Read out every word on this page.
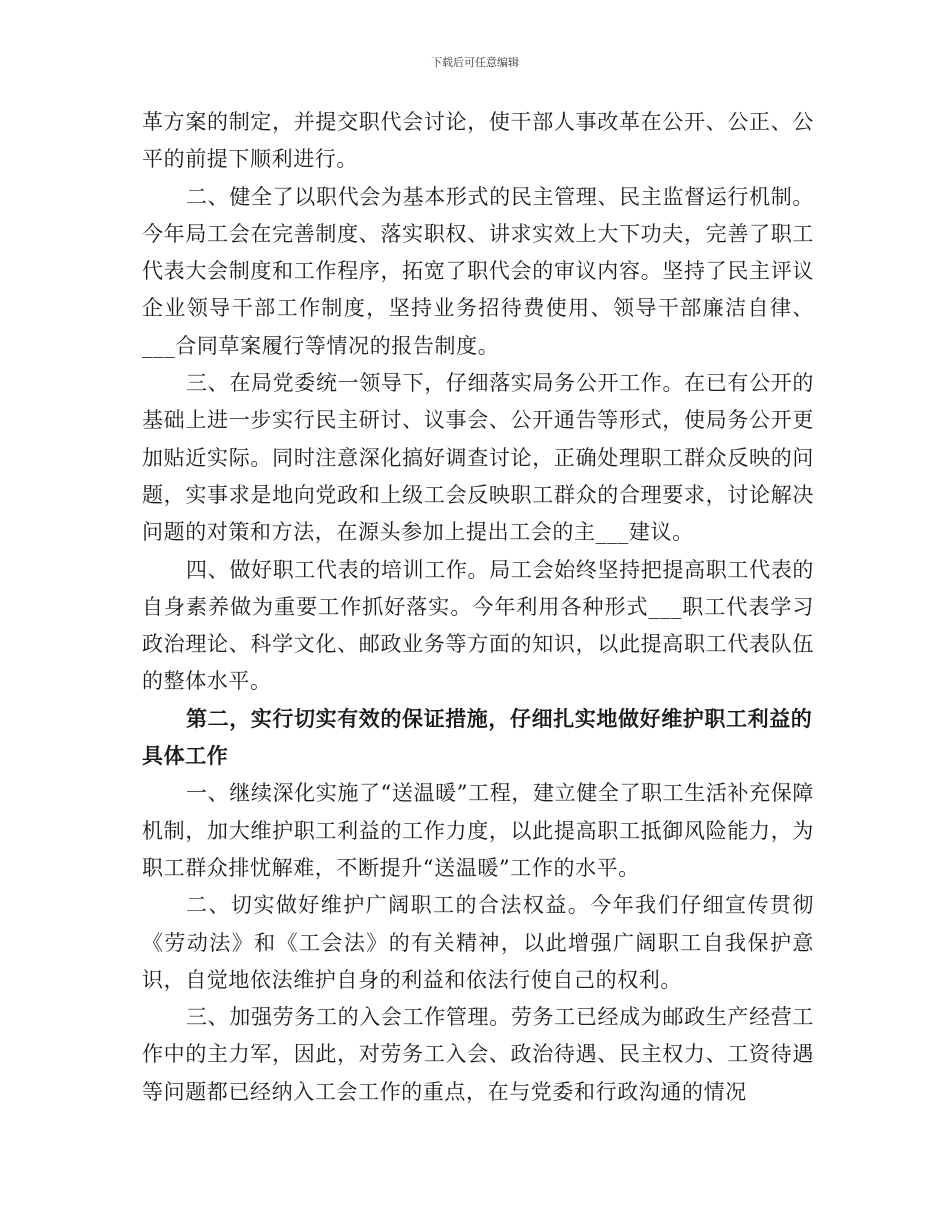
下载后可任意编辑

革方案的制定，并提交职代会讨论，使干部人事改革在公开、公正、公平的前提下顺利进行。

二、健全了以职代会为基本形式的民主管理、民主监督运行机制。今年局工会在完善制度、落实职权、讲求实效上大下功夫，完善了职工代表大会制度和工作程序，拓宽了职代会的审议内容。坚持了民主评议企业领导干部工作制度，坚持业务招待费使用、领导干部廉洁自律、___合同草案履行等情况的报告制度。

三、在局党委统一领导下，仔细落实局务公开工作。在已有公开的基础上进一步实行民主研讨、议事会、公开通告等形式，使局务公开更加贴近实际。同时注意深化搞好调查讨论，正确处理职工群众反映的问题，实事求是地向党政和上级工会反映职工群众的合理要求，讨论解决问题的对策和方法，在源头参加上提出工会的主___建议。

四、做好职工代表的培训工作。局工会始终坚持把提高职工代表的自身素养做为重要工作抓好落实。今年利用各种形式___职工代表学习政治理论、科学文化、邮政业务等方面的知识，以此提高职工代表队伍的整体水平。

第二，实行切实有效的保证措施，仔细扎实地做好维护职工利益的具体工作

一、继续深化实施了“送温暖”工程，建立健全了职工生活补充保障机制，加大维护职工利益的工作力度，以此提高职工抵御风险能力，为职工群众排忧解难，不断提升“送温暖”工作的水平。

二、切实做好维护广阔职工的合法权益。今年我们仔细宣传贯彻《劳动法》和《工会法》的有关精神，以此增强广阔职工自我保护意识，自觉地依法维护自身的利益和依法行使自己的权利。

三、加强劳务工的入会工作管理。劳务工已经成为邮政生产经营工作中的主力军，因此，对劳务工入会、政治待遇、民主权力、工资待遇等问题都已经纳入工会工作的重点，在与党委和行政沟通的情况
